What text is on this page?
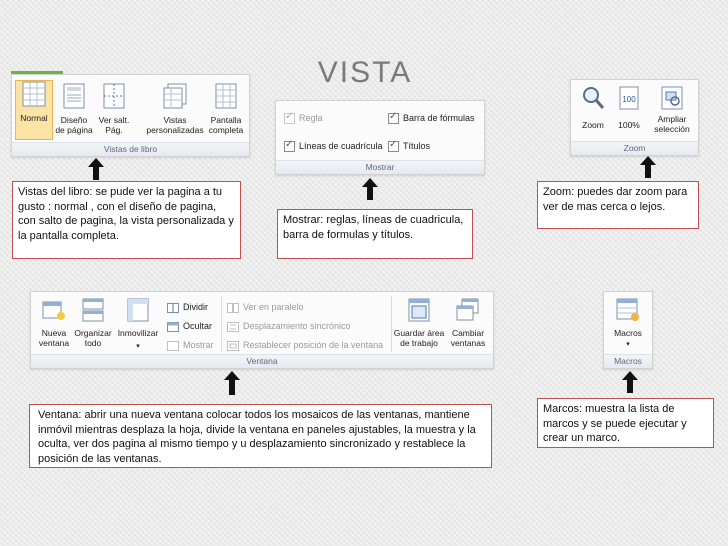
VISTA
Normal	Diseño
de página
Ver salt.
Pág.
Vistas
personalizadas
Pantalla
completa
Vistas de libro
Vistas del libro: se pude ver la pagina a tu gusto : normal , con el diseño de pagina, con salto de pagina, la vista personalizada y la pantalla completa.
✓Regla
✓Líneas de cuadrícula
✓Barra de fórmulas
✓Títulos
Mostrar
Mostrar: reglas, líneas de cuadricula, barra de formulas y títulos.
Zoom
100
100%
Ampliar
selección
Zoom
Zoom: puedes dar zoom para ver de mas cerca o lejos.
Nueva
ventana
Organizar
todo
Inmovilizar
▾
Dividir
Ocultar
Mostrar
Ver en paralelo
Desplazamiento sincrónico
Restablecer posición de la ventana
Guardar área
de trabajo
Cambiar
ventanas
Ventana
Ventana: abrir una nueva ventana colocar todos los mosaicos de las ventanas, mantiene inmóvil mientras desplaza la hoja, divide la ventana en paneles ajustables, la muestra y la oculta, ver dos pagina al mismo tiempo y u desplazamiento sincronizado y restablece la posición de las ventanas.
Macros
▾
Macros
Marcos: muestra la lista de marcos y se puede ejecutar y crear un marco.
